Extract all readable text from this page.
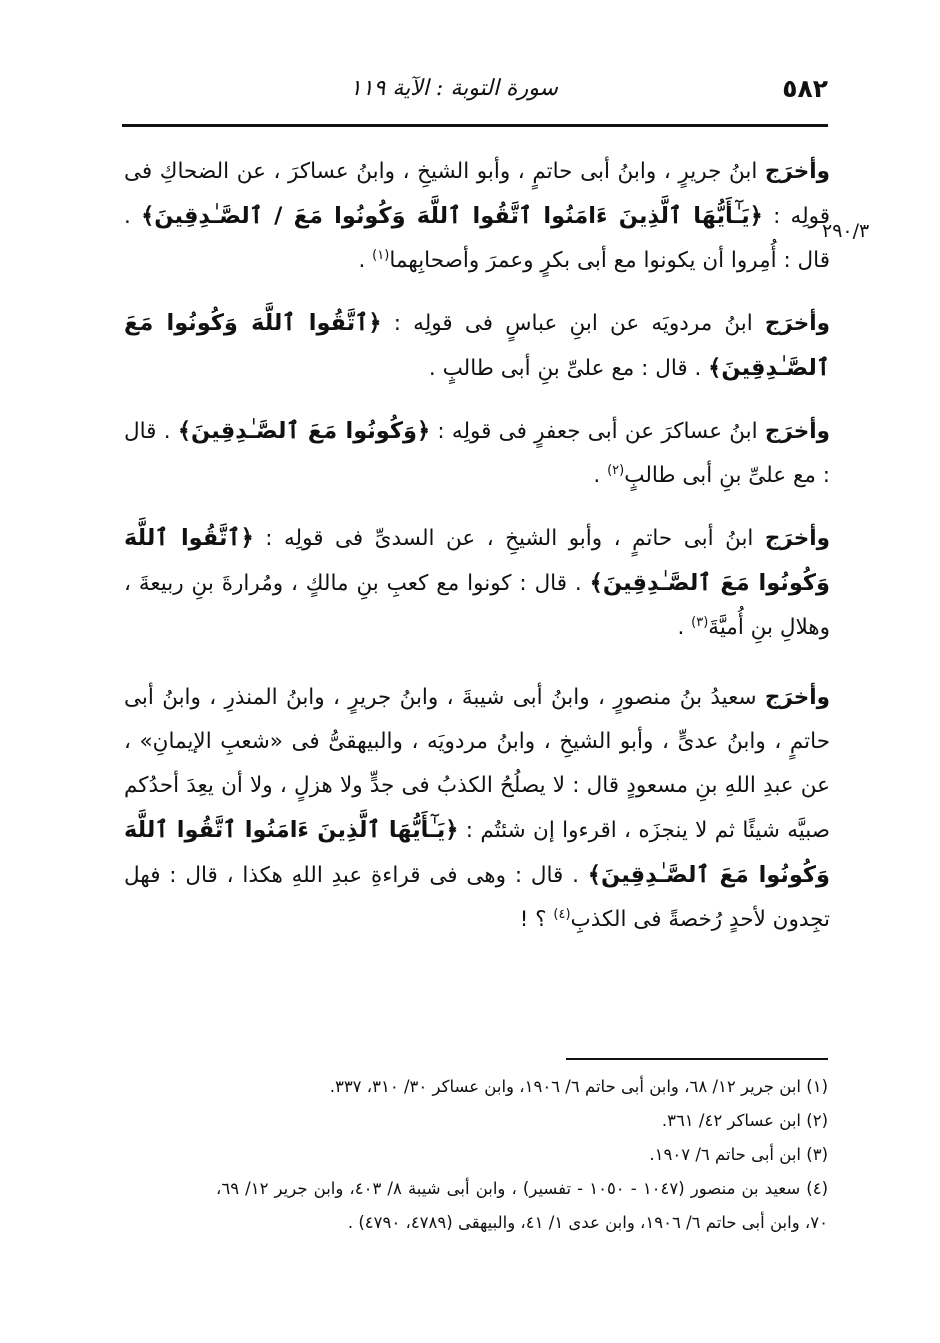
٥٨٢
سورة التوبة : الآية ١١٩
٢٩٠/٣

وأخرَج ابنُ جريرٍ ، وابنُ أبى حاتمٍ ، وأبو الشيخِ ، وابنُ عساكرَ ، عن الضحاكِ فى قولِه : ﴿يَـٰٓأَيُّهَا ٱلَّذِينَ ءَامَنُوا ٱتَّقُوا ٱللَّهَ وَكُونُوا مَعَ / ٱلصَّـٰدِقِينَ﴾ . قال : أُمِروا أن يكونوا مع أبى بكرٍ وعمرَ وأصحابِهما$^{(١)}$ .

وأخرَج ابنُ مردويَه عن ابنِ عباسٍ فى قولِه : ﴿ٱتَّقُوا ٱللَّهَ وَكُونُوا مَعَ ٱلصَّـٰدِقِينَ﴾ . قال : مع علىِّ بنِ أبى طالبٍ .

وأخرَج ابنُ عساكرَ عن أبى جعفرٍ فى قولِه : ﴿وَكُونُوا مَعَ ٱلصَّـٰدِقِينَ﴾ . قال : مع علىِّ بنِ أبى طالبٍ$^{(٢)}$ .

وأخرَج ابنُ أبى حاتمٍ ، وأبو الشيخِ ، عن السدىِّ فى قولِه : ﴿ٱتَّقُوا ٱللَّهَ وَكُونُوا مَعَ ٱلصَّـٰدِقِينَ﴾ . قال : كونوا مع كعبِ بنِ مالكٍ ، ومُرارةَ بنِ ربيعةَ ، وهلالِ بنِ أُميَّةَ$^{(٣)}$ .

وأخرَج سعيدُ بنُ منصورٍ ، وابنُ أبى شيبةَ ، وابنُ جريرٍ ، وابنُ المنذرِ ، وابنُ أبى حاتمٍ ، وابنُ عدىٍّ ، وأبو الشيخِ ، وابنُ مردويَه ، والبيهقىُّ فى «شعبِ الإيمانِ» ، عن عبدِ اللهِ بنِ مسعودٍ قال : لا يصلُحُ الكذبُ فى جدٍّ ولا هزلٍ ، ولا أن يعِدَ أحدُكم صبيَّه شيئًا ثم لا ينجزَه ، اقرءوا إن شئتُم : ﴿يَـٰٓأَيُّهَا ٱلَّذِينَ ءَامَنُوا ٱتَّقُوا ٱللَّهَ وَكُونُوا مَعَ ٱلصَّـٰدِقِينَ﴾ . قال : وهى فى قراءةِ عبدِ اللهِ هكذا ، قال : فهل تجِدون لأحدٍ رُخصةً فى الكذبِ$^{(٤)}$ ؟ !

(١) ابن جرير ١٢/ ٦٨، وابن أبى حاتم ٦/ ١٩٠٦، وابن عساكر ٣٠/ ٣١٠، ٣٣٧.

(٢) ابن عساكر ٤٢/ ٣٦١.

(٣) ابن أبى حاتم ٦/ ١٩٠٧.

(٤) سعيد بن منصور (١٠٤٧ - ١٠٥٠ - تفسير) ، وابن أبى شيبة ٨/ ٤٠٣، وابن جرير ١٢/ ٦٩، ٧٠، وابن أبى حاتم ٦/ ١٩٠٦، وابن عدى ١/ ٤١، والبيهقى (٤٧٨٩، ٤٧٩٠) .
